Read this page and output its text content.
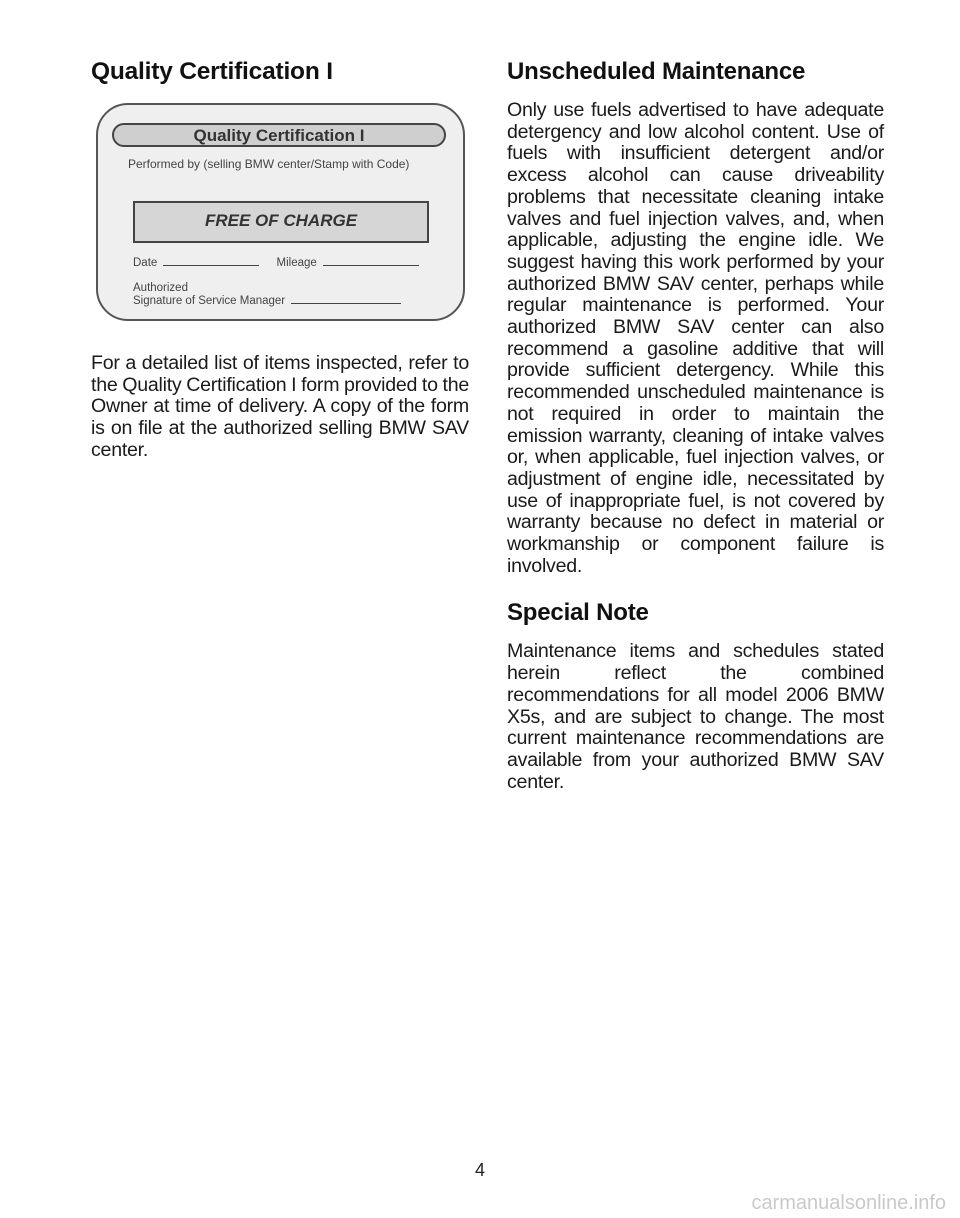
Quality Certification I

For a detailed list of items inspected, refer to the Quality Certification I form provided to the Owner at time of delivery. A copy of the form is on file at the authorized selling BMW SAV center.

Quality Certification I
Performed by (selling BMW center/Stamp with Code)
FREE OF CHARGE
Date	Mileage
Authorized
Signature of Service Manager
Unscheduled Maintenance

Only use fuels advertised to have adequate detergency and low alcohol content. Use of fuels with insufficient detergent and/or excess alcohol can cause driveability problems that necessitate cleaning intake valves and fuel injection valves, and, when applicable, adjusting the engine idle. We suggest having this work performed by your authorized BMW SAV center, perhaps while regular maintenance is performed. Your authorized BMW SAV center can also recommend a gasoline additive that will provide sufficient detergency. While this recommended unscheduled maintenance is not required in order to maintain the emission warranty, cleaning of intake valves or, when applicable, fuel injection valves, or adjustment of engine idle, necessitated by use of inappropriate fuel, is not covered by warranty because no defect in material or workmanship or component failure is involved.

Special Note

Maintenance items and schedules stated herein reflect the combined recommendations for all model 2006 BMW X5s, and are subject to change. The most current maintenance recommendations are available from your authorized BMW SAV center.

4
carmanualsonline.info
